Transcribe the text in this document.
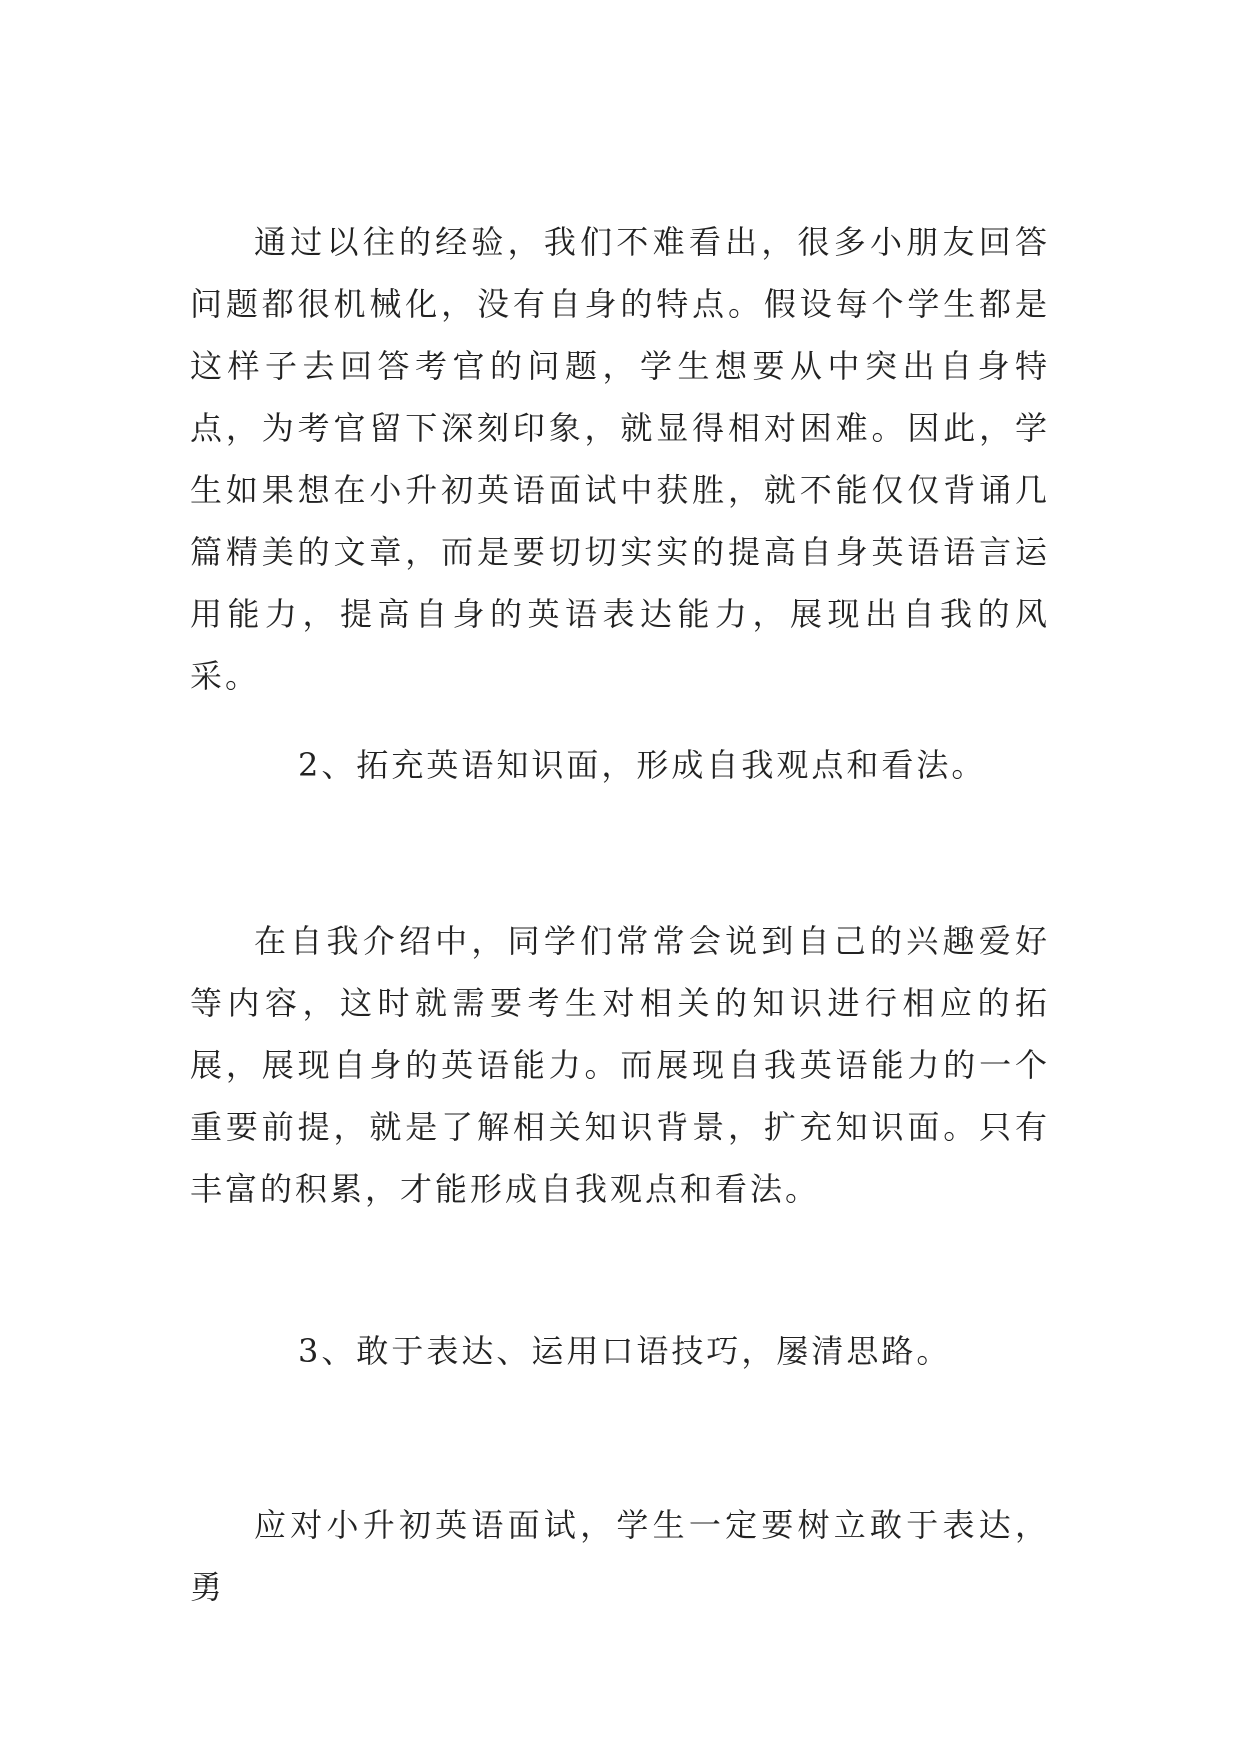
通过以往的经验，我们不难看出，很多小朋友回答问题都很机械化，没有自身的特点。假设每个学生都是这样子去回答考官的问题，学生想要从中突出自身特点，为考官留下深刻印象，就显得相对困难。因此，学生如果想在小升初英语面试中获胜，就不能仅仅背诵几篇精美的文章，而是要切切实实的提高自身英语语言运用能力，提高自身的英语表达能力，展现出自我的风采。

2、拓充英语知识面，形成自我观点和看法。

在自我介绍中，同学们常常会说到自己的兴趣爱好等内容，这时就需要考生对相关的知识进行相应的拓展，展现自身的英语能力。而展现自我英语能力的一个重要前提，就是了解相关知识背景，扩充知识面。只有丰富的积累，才能形成自我观点和看法。

3、敢于表达、运用口语技巧，屡清思路。

应对小升初英语面试，学生一定要树立敢于表达，勇
